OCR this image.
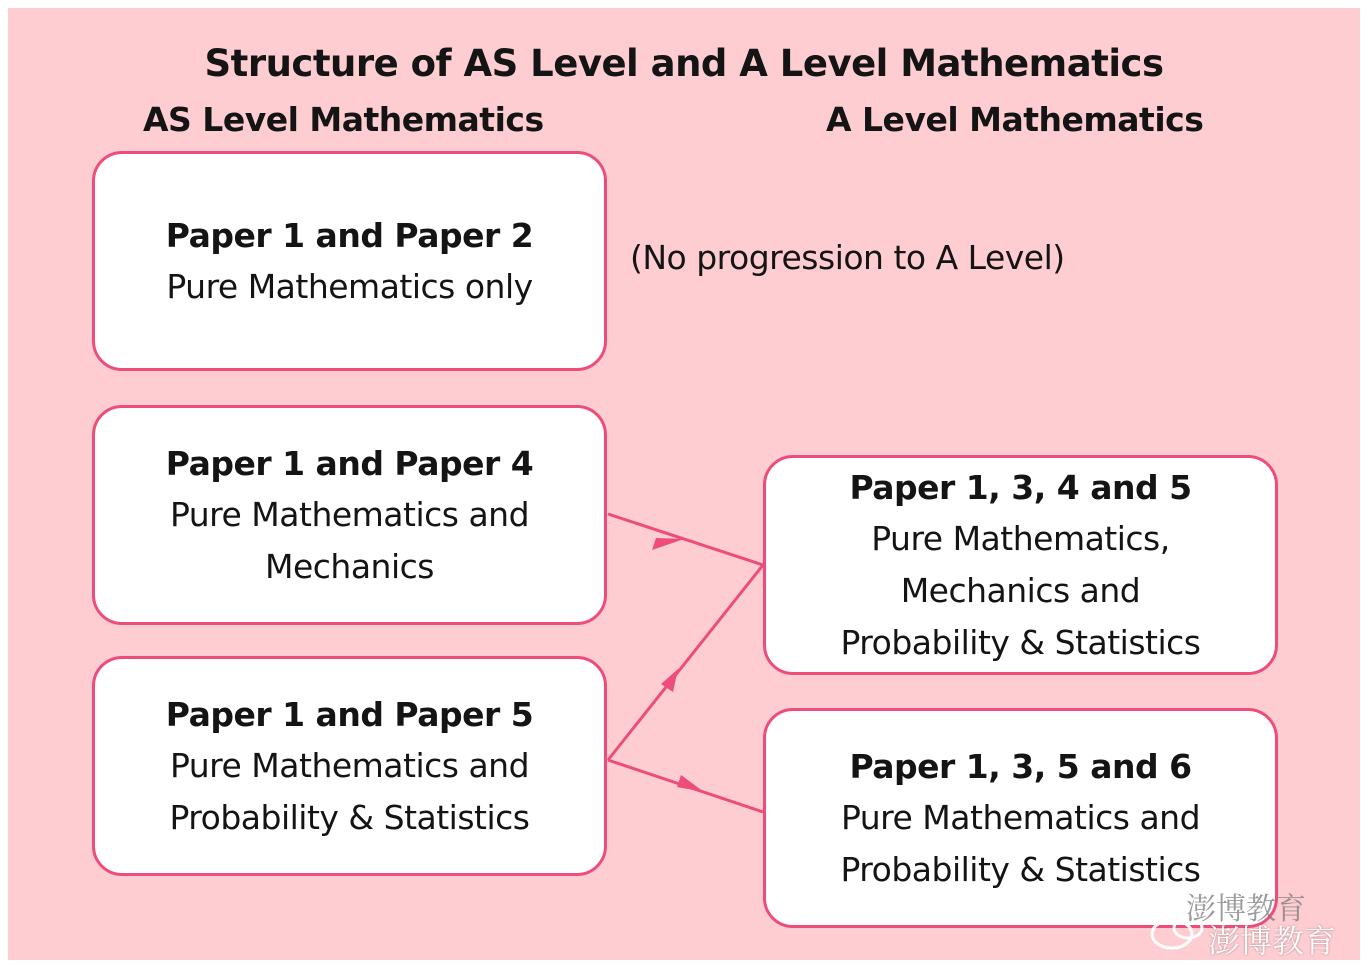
Structure of AS Level and A Level Mathematics
AS Level Mathematics	A Level Mathematics
Paper 1 and Paper 2
Pure Mathematics only
Paper 1 and Paper 4
Pure Mathematics and
Mechanics
Paper 1 and Paper 5
Pure Mathematics and
Probability & Statistics
(No progression to A Level)
Paper 1, 3, 4 and 5
Pure Mathematics,
Mechanics and
Probability & Statistics
Paper 1, 3, 5 and 6
Pure Mathematics and
Probability & Statistics
澎博教育
澎博教育
